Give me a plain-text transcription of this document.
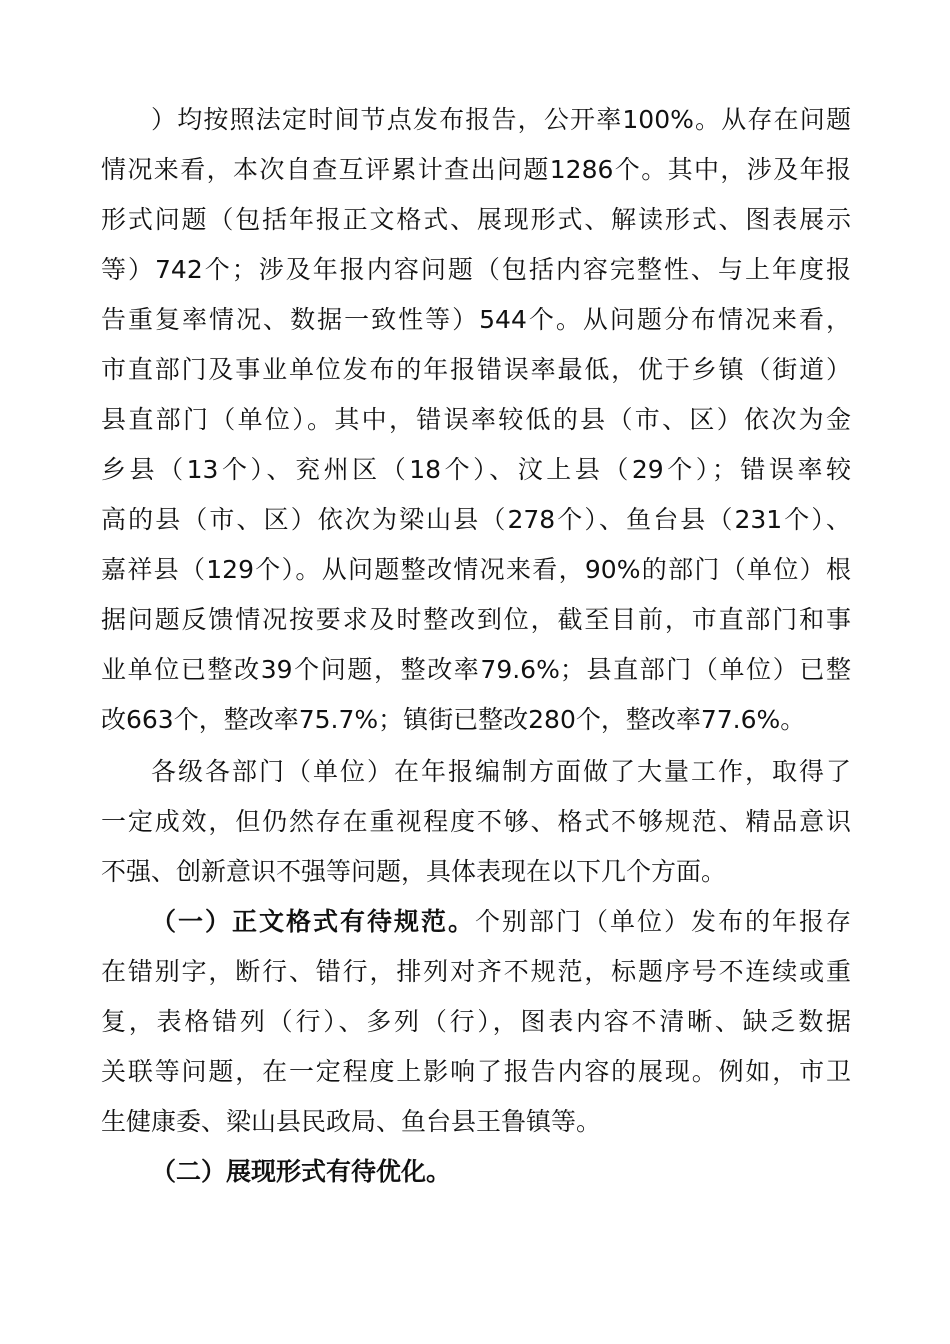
）均按照法定时间节点发布报告，公开率100%。从存在问题
情况来看，本次自查互评累计查出问题1286个。其中，涉及年报
形式问题（包括年报正文格式、展现形式、解读形式、图表展示
等）742个；涉及年报内容问题（包括内容完整性、与上年度报
告重复率情况、数据一致性等）544个。从问题分布情况来看，
市直部门及事业单位发布的年报错误率最低，优于乡镇（街道）
县直部门（单位）。其中，错误率较低的县（市、区）依次为金
乡县（13个）、兖州区（18个）、汶上县（29个）；错误率较
高的县（市、区）依次为梁山县（278个）、鱼台县（231个）、
嘉祥县（129个）。从问题整改情况来看，90%的部门（单位）根
据问题反馈情况按要求及时整改到位，截至目前，市直部门和事
业单位已整改39个问题，整改率79.6%；县直部门（单位）已整
改663个，整改率75.7%；镇街已整改280个，整改率77.6%。
各级各部门（单位）在年报编制方面做了大量工作，取得了
一定成效，但仍然存在重视程度不够、格式不够规范、精品意识
不强、创新意识不强等问题，具体表现在以下几个方面。
（一）正文格式有待规范。个别部门（单位）发布的年报存
在错别字，断行、错行，排列对齐不规范，标题序号不连续或重
复，表格错列（行）、多列（行），图表内容不清晰、缺乏数据
关联等问题，在一定程度上影响了报告内容的展现。例如，市卫
生健康委、梁山县民政局、鱼台县王鲁镇等。
（二）展现形式有待优化。
